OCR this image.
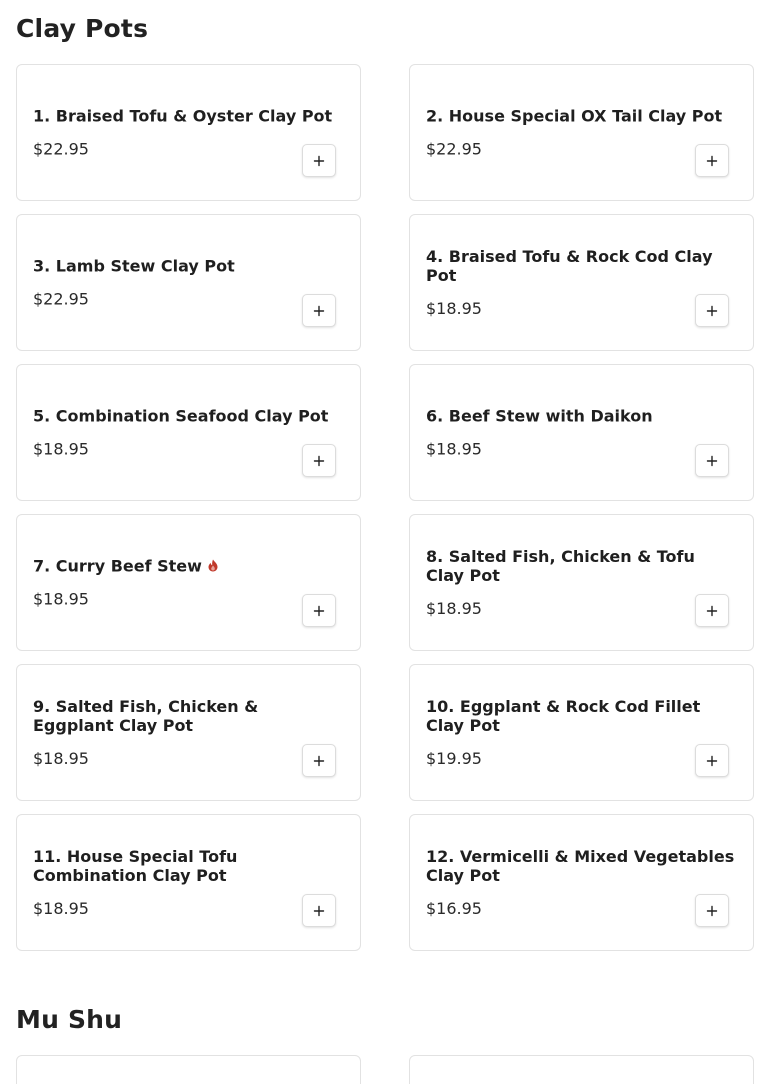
Clay Pots
1. Braised Tofu & Oyster Clay Pot
$22.95
2. House Special OX Tail Clay Pot
$22.95
3. Lamb Stew Clay Pot
$22.95
4. Braised Tofu & Rock Cod Clay Pot
$18.95
5. Combination Seafood Clay Pot
$18.95
6. Beef Stew with Daikon
$18.95
7. Curry Beef Stew
$18.95
8. Salted Fish, Chicken & Tofu Clay Pot
$18.95
9. Salted Fish, Chicken & Eggplant Clay Pot
$18.95
10. Eggplant & Rock Cod Fillet Clay Pot
$19.95
11. House Special Tofu Combination Clay Pot
$18.95
12. Vermicelli & Mixed Vegetables Clay Pot
$16.95
Mu Shu
